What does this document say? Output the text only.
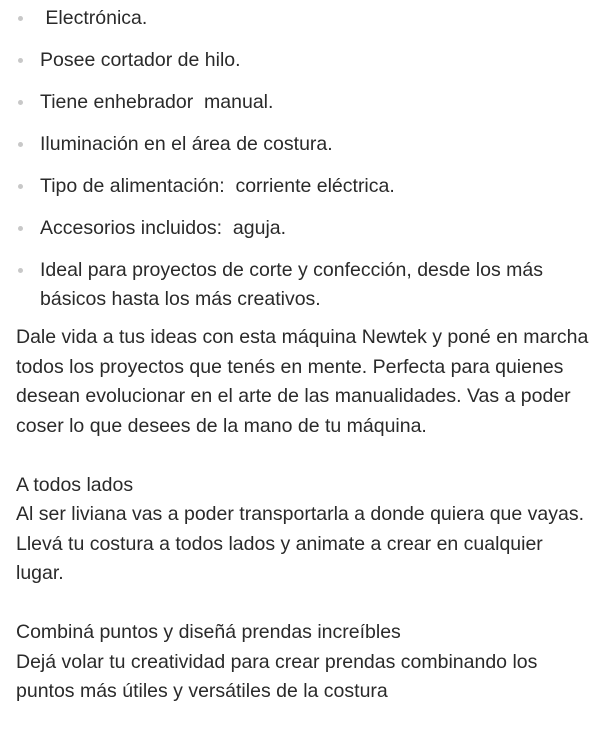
Electrónica.
Posee cortador de hilo.
Tiene enhebrador  manual.
Iluminación en el área de costura.
Tipo de alimentación:  corriente eléctrica.
Accesorios incluidos:  aguja.
Ideal para proyectos de corte y confección, desde los más básicos hasta los más creativos.

Dale vida a tus ideas con esta máquina Newtek y poné en marcha todos los proyectos que tenés en mente. Perfecta para quienes desean evolucionar en el arte de las manualidades. Vas a poder coser lo que desees de la mano de tu máquina.

A todos lados

Al ser liviana vas a poder transportarla a donde quiera que vayas. Llevá tu costura a todos lados y animate a crear en cualquier lugar.

Combiná puntos y diseñá prendas increíbles

Dejá volar tu creatividad para crear prendas combinando los puntos más útiles y versátiles de la costura
